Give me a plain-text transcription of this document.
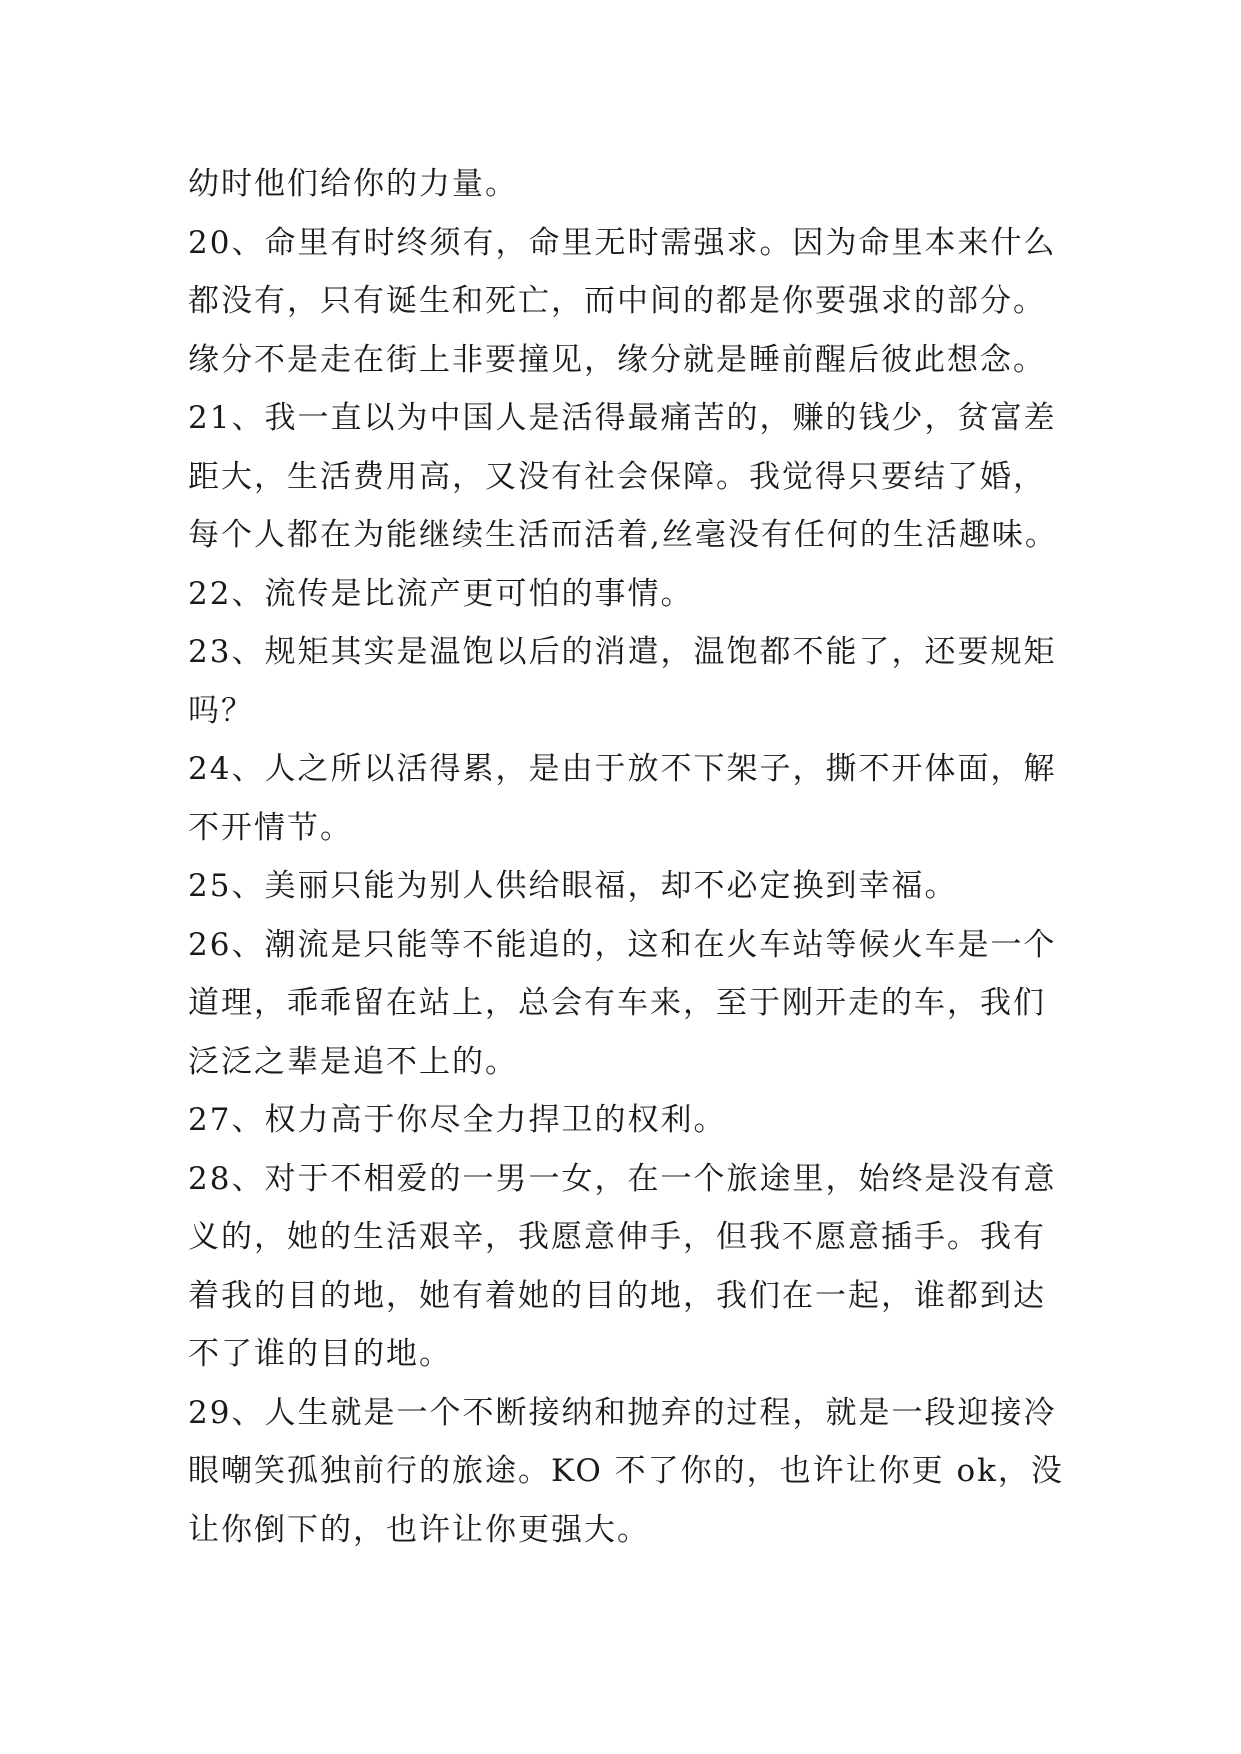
幼时他们给你的力量。
20、命里有时终须有，命里无时需强求。因为命里本来什么
都没有，只有诞生和死亡，而中间的都是你要强求的部分。
缘分不是走在街上非要撞见，缘分就是睡前醒后彼此想念。
21、我一直以为中国人是活得最痛苦的，赚的钱少，贫富差
距大，生活费用高，又没有社会保障。我觉得只要结了婚，
每个人都在为能继续生活而活着,丝毫没有任何的生活趣味。
22、流传是比流产更可怕的事情。
23、规矩其实是温饱以后的消遣，温饱都不能了，还要规矩
吗？
24、人之所以活得累，是由于放不下架子，撕不开体面，解
不开情节。
25、美丽只能为别人供给眼福，却不必定换到幸福。
26、潮流是只能等不能追的，这和在火车站等候火车是一个
道理，乖乖留在站上，总会有车来，至于刚开走的车，我们
泛泛之辈是追不上的。
27、权力高于你尽全力捍卫的权利。
28、对于不相爱的一男一女，在一个旅途里，始终是没有意
义的，她的生活艰辛，我愿意伸手，但我不愿意插手。我有
着我的目的地，她有着她的目的地，我们在一起，谁都到达
不了谁的目的地。
29、人生就是一个不断接纳和抛弃的过程，就是一段迎接冷
眼嘲笑孤独前行的旅途。KO 不了你的，也许让你更 ok，没
让你倒下的，也许让你更强大。
